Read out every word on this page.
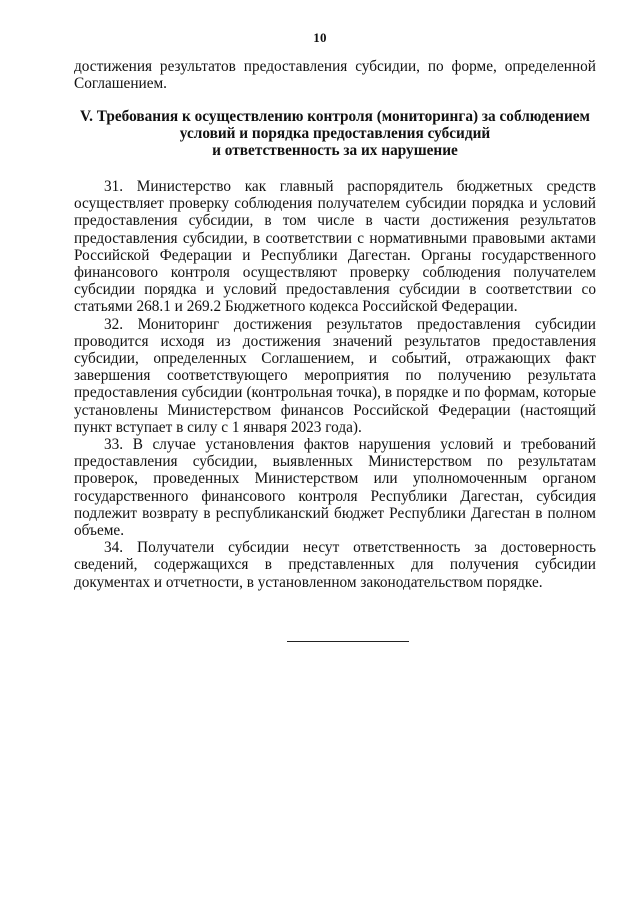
10

достижения результатов предоставления субсидии, по форме, определенной Соглашением.

V. Требования к осуществлению контроля (мониторинга) за соблюдением
условий и порядка предоставления субсидий
и ответственность за их нарушение

31. Министерство как главный распорядитель бюджетных средств осуществляет проверку соблюдения получателем субсидии порядка и условий предоставления субсидии, в том числе в части достижения результатов предоставления субсидии, в соответствии с нормативными правовыми актами Российской Федерации и Республики Дагестан. Органы государственного финансового контроля осуществляют проверку соблюдения получателем субсидии порядка и условий предоставления субсидии в соответствии со статьями 268.1 и 269.2 Бюджетного кодекса Российской Федерации.

32. Мониторинг достижения результатов предоставления субсидии проводится исходя из достижения значений результатов предоставления субсидии, определенных Соглашением, и событий, отражающих факт завершения соответствующего мероприятия по получению результата предоставления субсидии (контрольная точка), в порядке и по формам, которые установлены Министерством финансов Российской Федерации (настоящий пункт вступает в силу с 1 января 2023 года).

33. В случае установления фактов нарушения условий и требований предоставления субсидии, выявленных Министерством по результатам проверок, проведенных Министерством или уполномоченным органом государственного финансового контроля Республики Дагестан, субсидия подлежит возврату в республиканский бюджет Республики Дагестан в полном объеме.

34. Получатели субсидии несут ответственность за достоверность сведений, содержащихся в представленных для получения субсидии документах и отчетности, в установленном законодательством порядке.
